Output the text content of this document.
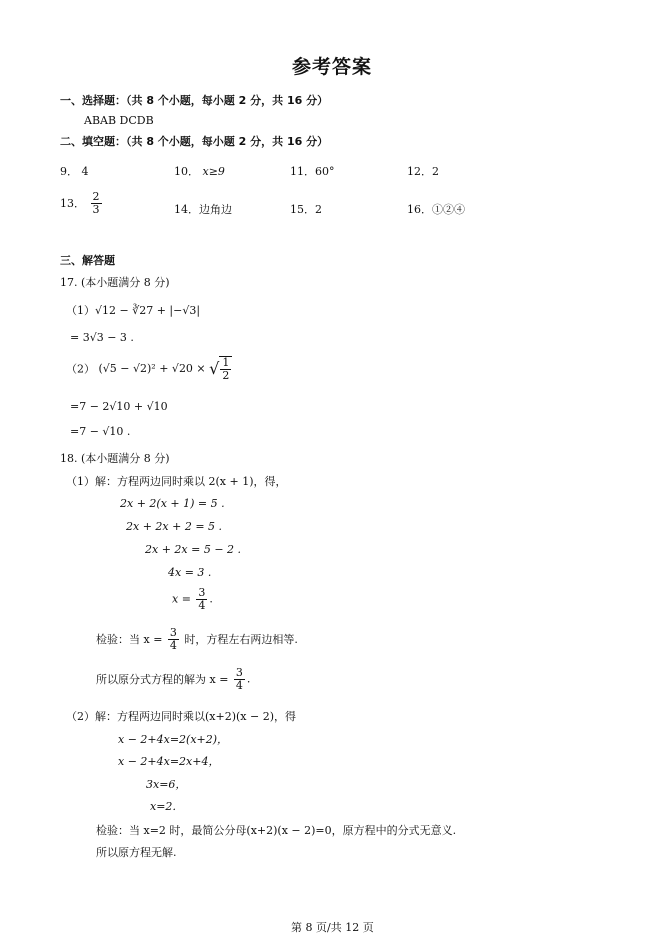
参考答案
一、选择题：（共 8 个小题，每小题 2 分，共 16 分）
ABAB DCDB
二、填空题：（共 8 个小题，每小题 2 分，共 16 分）
9． 4	10． x≥9	11．60°	12．2
13． $\frac{2}{3}$	14．边角边	15．2	16．①②④
三、解答题
17. (本小题满分 8 分)
（1）√12 − ∛27 + |−√3|
= 3√3 − 3 .
（2） (√5 − √2)² + √20 × √ $\frac{1}{2}$
=7 − 2√10 + √10
=7 − √10 .
18. (本小题满分 8 分)
（1）解：方程两边同时乘以 2(x + 1)，得，
2x + 2(x + 1) = 5 .
2x + 2x + 2 = 5 .
2x + 2x = 5 − 2 .
4x = 3 .
$x = \frac{3}{4}$ .
检验：当 $x = \frac{3}{4}$ 时，方程左右两边相等.
所以原分式方程的解为 $x = \frac{3}{4}$ .
（2）解：方程两边同时乘以(x+2)(x − 2)，得
x − 2+4x=2(x+2)，
x − 2+4x=2x+4，
3x=6，
x=2．
检验：当 x=2 时，最简公分母(x+2)(x − 2)=0，原方程中的分式无意义.
所以原方程无解.
第 8 页/共 12 页
